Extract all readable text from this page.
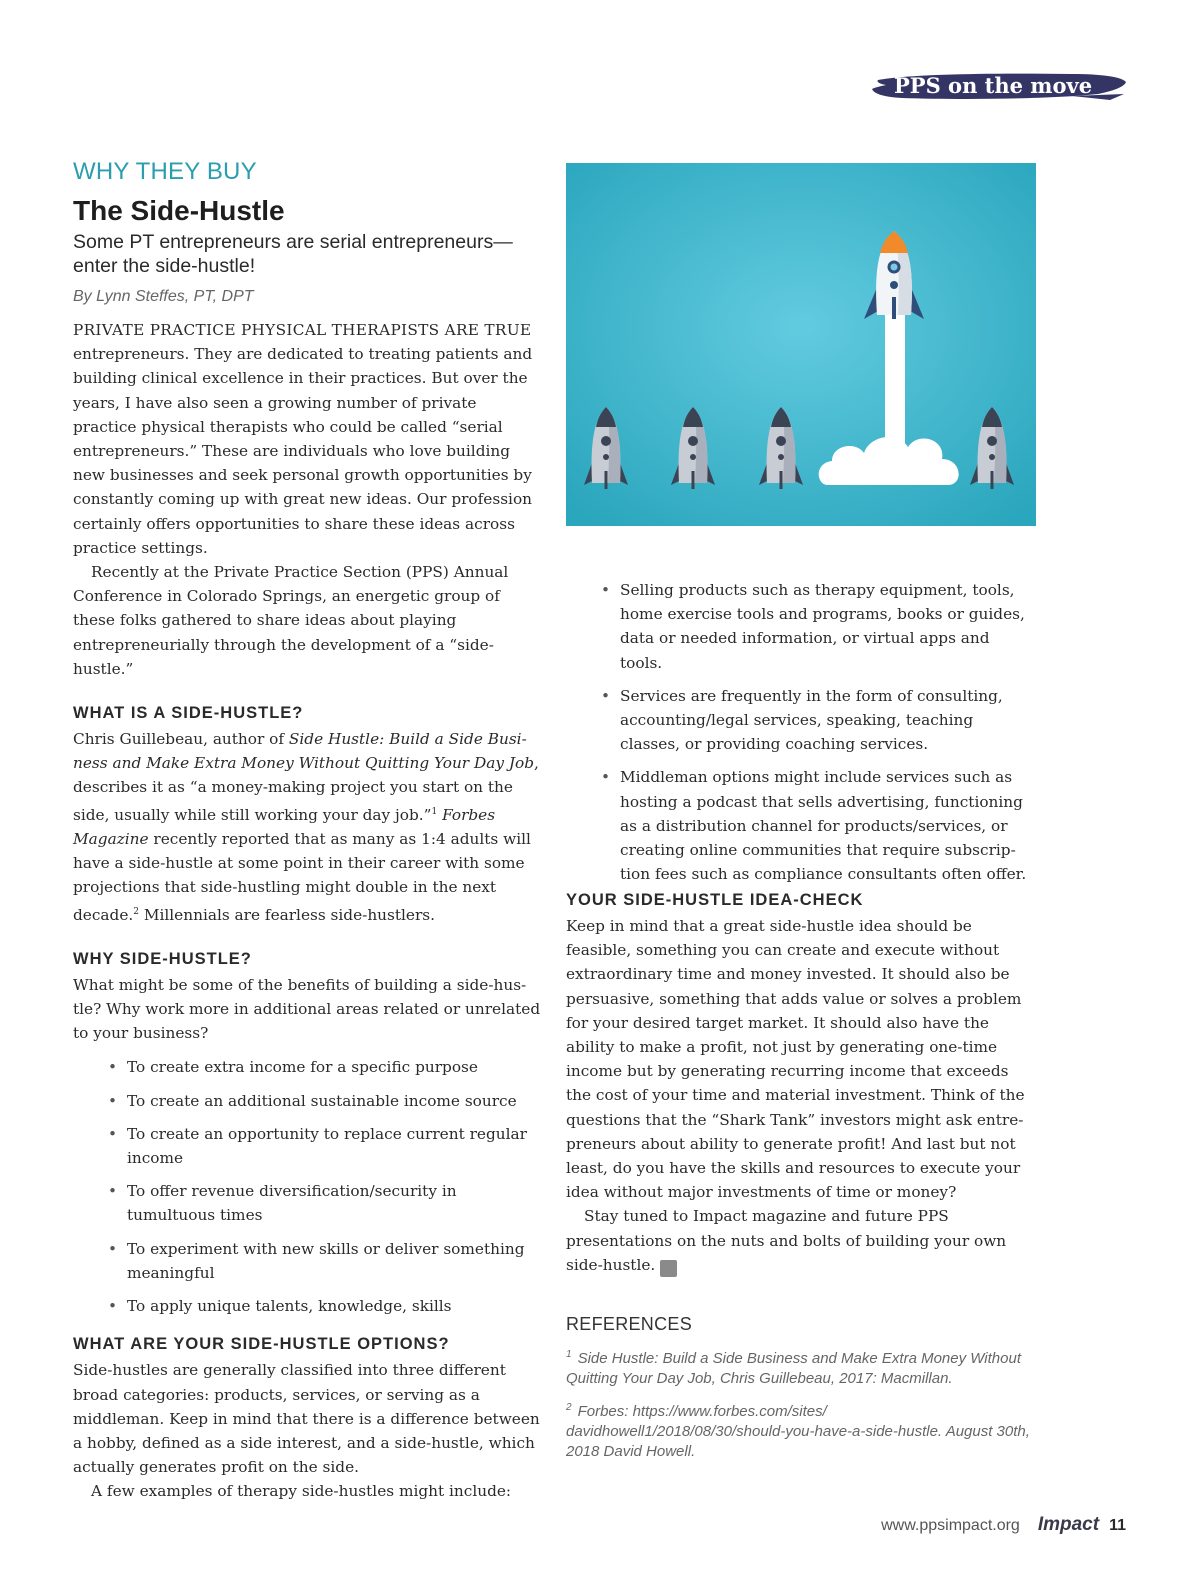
PPS on the move

WHY THEY BUY

The Side-Hustle

Some PT entrepreneurs are serial entrepreneurs—enter the side-hustle!

By Lynn Steffes, PT, DPT

PRIVATE PRACTICE PHYSICAL THERAPISTS ARE TRUE entrepreneurs. They are dedicated to treating patients and building clinical excellence in their practices. But over the years, I have also seen a growing number of private practice physical therapists who could be called “serial entrepreneurs.” These are individuals who love building new businesses and seek personal growth opportunities by constantly coming up with great new ideas. Our profession certainly offers opportunities to share these ideas across practice settings.

Recently at the Private Practice Section (PPS) Annual Conference in Colorado Springs, an energetic group of these folks gathered to share ideas about playing entrepreneurially through the development of a “side-hustle.”

WHAT IS A SIDE-HUSTLE?

Chris Guillebeau, author of Side Hustle: Build a Side Business and Make Extra Money Without Quitting Your Day Job, describes it as “a money-making project you start on the side, usually while still working your day job.”$^1$ Forbes Magazine recently reported that as many as 1:4 adults will have a side-hustle at some point in their career with some projections that side-hustling might double in the next decade.$^2$ Millennials are fearless side-hustlers.

WHY SIDE-HUSTLE?

What might be some of the benefits of building a side-hustle? Why work more in additional areas related or unrelated to your business?

• To create extra income for a specific purpose
• To create an additional sustainable income source
• To create an opportunity to replace current regular income
• To offer revenue diversification/security in tumultuous times
• To experiment with new skills or deliver something meaningful
• To apply unique talents, knowledge, skills
WHAT ARE YOUR SIDE-HUSTLE OPTIONS?

Side-hustles are generally classified into three different broad categories: products, services, or serving as a middleman. Keep in mind that there is a difference between a hobby, defined as a side interest, and a side-hustle, which actually generates profit on the side.

A few examples of therapy side-hustles might include:

• Selling products such as therapy equipment, tools, home exercise tools and programs, books or guides, data or needed information, or virtual apps and tools.
• Services are frequently in the form of consulting, accounting/legal services, speaking, teaching classes, or providing coaching services.
• Middleman options might include services such as hosting a podcast that sells advertising, functioning as a distribution channel for products/services, or creating online communities that require subscription fees such as compliance consultants often offer.
YOUR SIDE-HUSTLE IDEA-CHECK

Keep in mind that a great side-hustle idea should be feasible, something you can create and execute without extraordinary time and money invested. It should also be persuasive, something that adds value or solves a problem for your desired target market. It should also have the ability to make a profit, not just by generating one-time income but by generating recurring income that exceeds the cost of your time and material investment. Think of the questions that the “Shark Tank” investors might ask entrepreneurs about ability to generate profit! And last but not least, do you have the skills and resources to execute your idea without major investments of time or money?

Stay tuned to Impact magazine and future PPS presentations on the nuts and bolts of building your own side-hustle. I

REFERENCES

$^1$ Side Hustle: Build a Side Business and Make Extra Money Without Quitting Your Day Job, Chris Guillebeau, 2017: Macmillan.

$^2$ Forbes: https://www.forbes.com/sites/ davidhowell1/2018/08/30/should-you-have-a-side-hustle. August 30th, 2018 David Howell.

www.ppsimpact.org Impact 11
